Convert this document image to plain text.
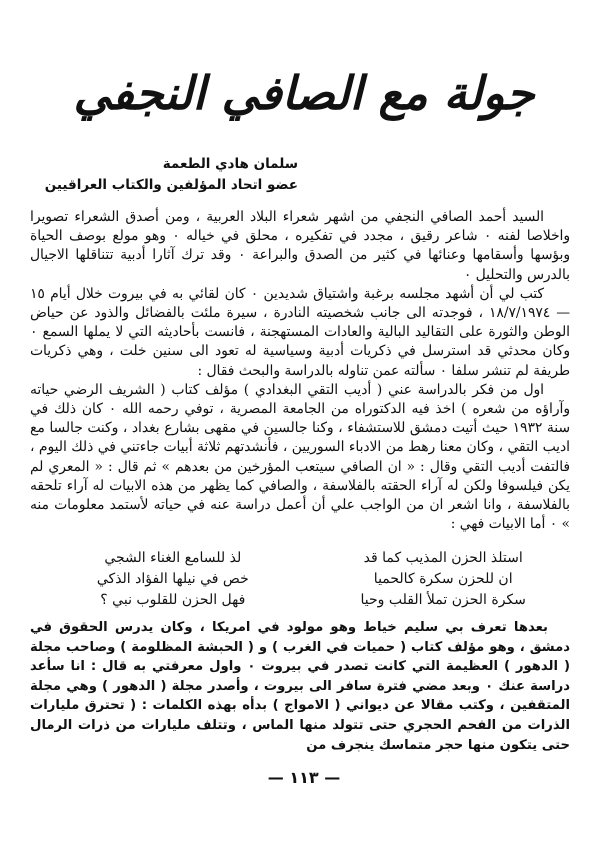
جولة مع الصافي النجفي
سلمان هادي الطعمة
عضو اتحاد المؤلفين والكتاب العراقيين

السيد أحمد الصافي النجفي من اشهر شعراء البلاد العربية ، ومن أصدق الشعراء تصويرا واخلاصا لفنه ٠ شاعر رقيق ، مجدد في تفكيره ، محلق في خياله ٠ وهو مولع بوصف الحياة وبؤسها وأسقامها وعنائها في كثير من الصدق والبراعة ٠ وقد ترك آثارا أدبية تتناقلها الاجيال بالدرس والتحليل ٠

كتب لي أن أشهد مجلسه برغبة واشتياق شديدين ٠ كان لقائي به في بيروت خلال أيام ١٥ — ١٨/٧/١٩٧٤ ، فوجدته الى جانب شخصيته النادرة ، سيرة ملئت بالفضائل والذود عن حياض الوطن والثورة على التقاليد البالية والعادات المستهجنة ، فانست بأحاديثه التي لا يملها السمع ٠ وكان محدثي قد استرسل في ذكريات أدبية وسياسية له تعود الى سنين خلت ، وهي ذكريات طريفة لم تنشر سلفا ٠ سألته عمن تناوله بالدراسة والبحث فقال :

اول من فكر بالدراسة عني ( أديب التقي البغدادي ) مؤلف كتاب ( الشريف الرضي حياته وآراؤه من شعره ) اخذ فيه الدكتوراه من الجامعة المصرية ، توفي رحمه الله ٠ كان ذلك في سنة ١٩٣٢ حيث أتيت دمشق للاستشفاء ، وكنا جالسين في مقهى بشارع بغداد ، وكنت جالسا مع اديب التقي ، وكان معنا رهط من الادباء السوريين ، فأنشدتهم ثلاثة أبيات جاءتني في ذلك اليوم ، فالتفت أديب التقي وقال : « ان الصافي سيتعب المؤرخين من بعدهم » ثم قال : « المعري لم يكن فيلسوفا ولكن له آراء الحقته بالفلاسفة ، والصافي كما يظهر من هذه الابيات له آراء تلحقه بالفلاسفة ، وانا اشعر ان من الواجب علي أن أعمل دراسة عنه في حياته لأستمد معلومات منه » ٠ أما الابيات فهي :

استلذ الحزن المذيب كما قد
لذ للسامع الغناء الشجي
ان للحزن سكرة كالحميا
خص في نيلها الفؤاد الذكي
سكرة الحزن تملأ القلب وحيا
فهل الحزن للقلوب نبي ؟

بعدها تعرف بي سليم خياط وهو مولود في امريكا ، وكان يدرس الحقوق في دمشق ، وهو مؤلف كتاب ( حميات في الغرب ) و ( الحبشة المظلومة ) وصاحب مجلة ( الدهور ) العظيمة التي كانت تصدر في بيروت ٠ واول معرفتي به قال : انا سأعد دراسة عنك ٠ وبعد مضي فترة سافر الى بيروت ، وأصدر مجلة ( الدهور ) وهي مجلة المتقفين ، وكتب مقالا عن ديواني ( الامواج ) بدأه بهذه الكلمات : ( تحترق مليارات الذرات من الفحم الحجري حتى تتولد منها الماس ، وتتلف مليارات من ذرات الرمال حتى يتكون منها حجر متماسك ينجرف من

— ١١٣ —
